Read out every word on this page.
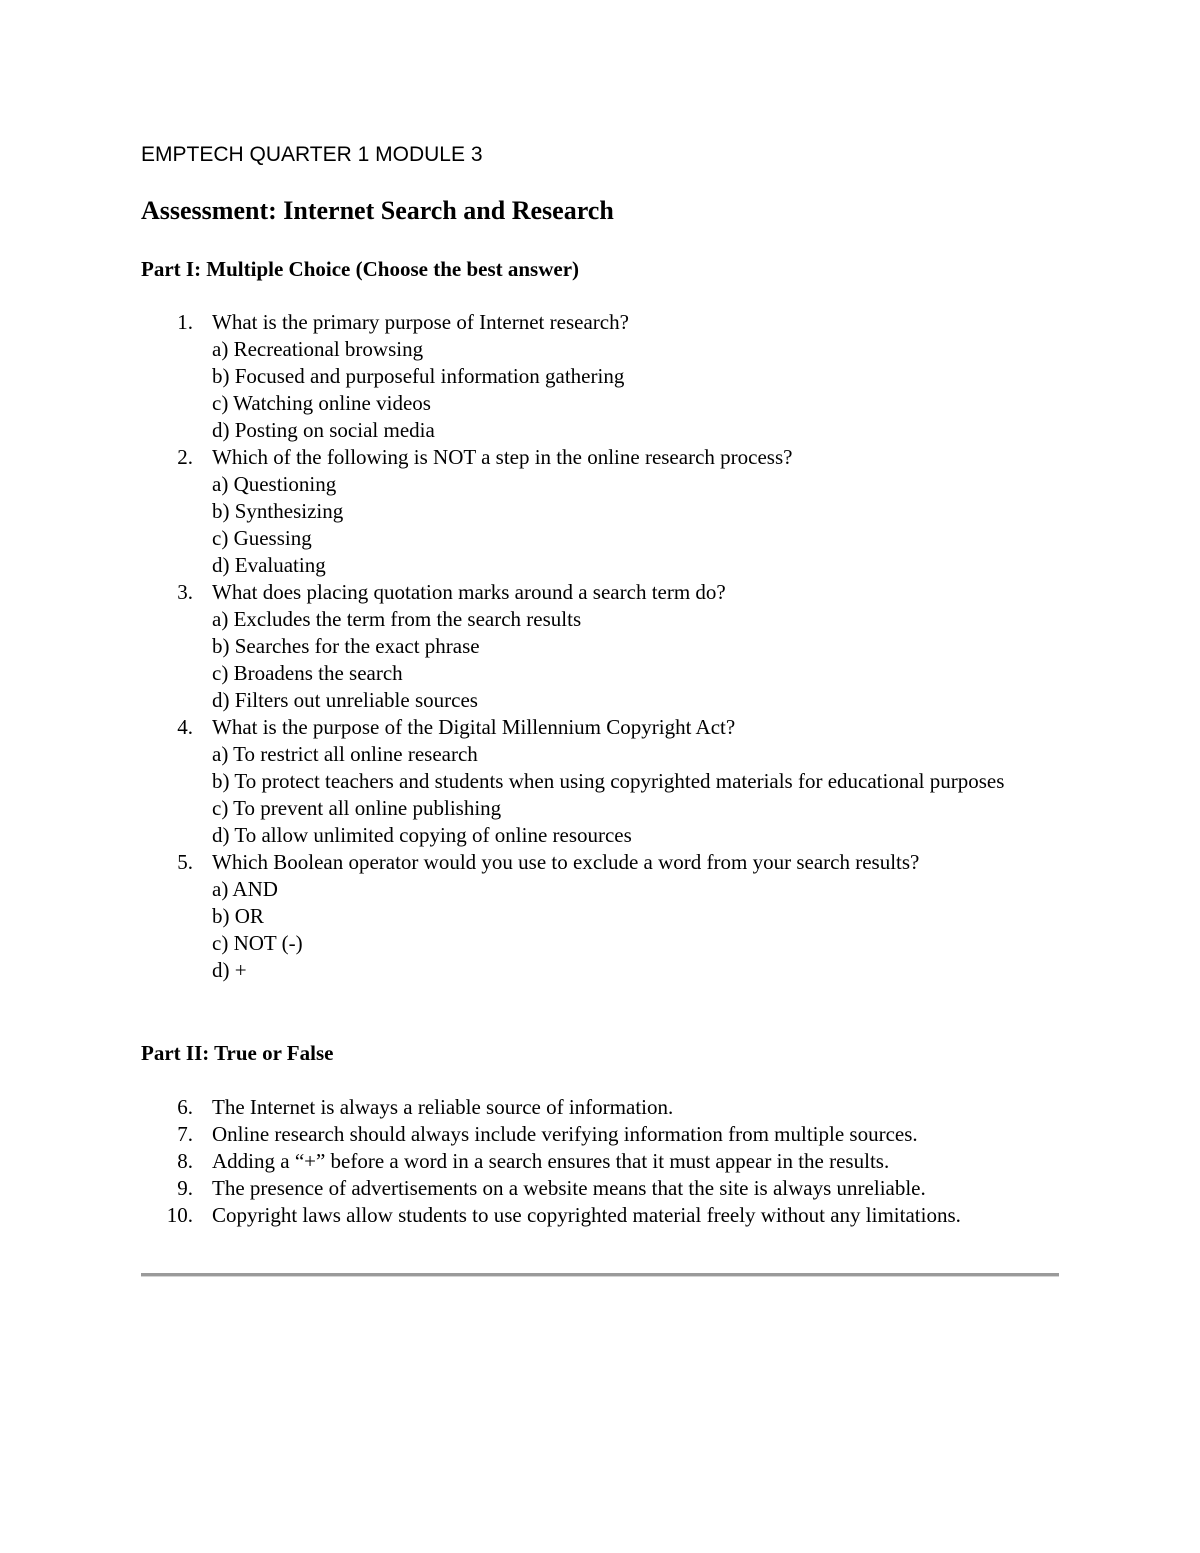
EMPTECH QUARTER 1 MODULE 3
Assessment: Internet Search and Research
Part I: Multiple Choice (Choose the best answer)
1. What is the primary purpose of Internet research?
a) Recreational browsing
b) Focused and purposeful information gathering
c) Watching online videos
d) Posting on social media
2. Which of the following is NOT a step in the online research process?
a) Questioning
b) Synthesizing
c) Guessing
d) Evaluating
3. What does placing quotation marks around a search term do?
a) Excludes the term from the search results
b) Searches for the exact phrase
c) Broadens the search
d) Filters out unreliable sources
4. What is the purpose of the Digital Millennium Copyright Act?
a) To restrict all online research
b) To protect teachers and students when using copyrighted materials for educational purposes
c) To prevent all online publishing
d) To allow unlimited copying of online resources
5. Which Boolean operator would you use to exclude a word from your search results?
a) AND
b) OR
c) NOT (-)
d) +
Part II: True or False
6. The Internet is always a reliable source of information.
7. Online research should always include verifying information from multiple sources.
8. Adding a “+” before a word in a search ensures that it must appear in the results.
9. The presence of advertisements on a website means that the site is always unreliable.
10. Copyright laws allow students to use copyrighted material freely without any limitations.
